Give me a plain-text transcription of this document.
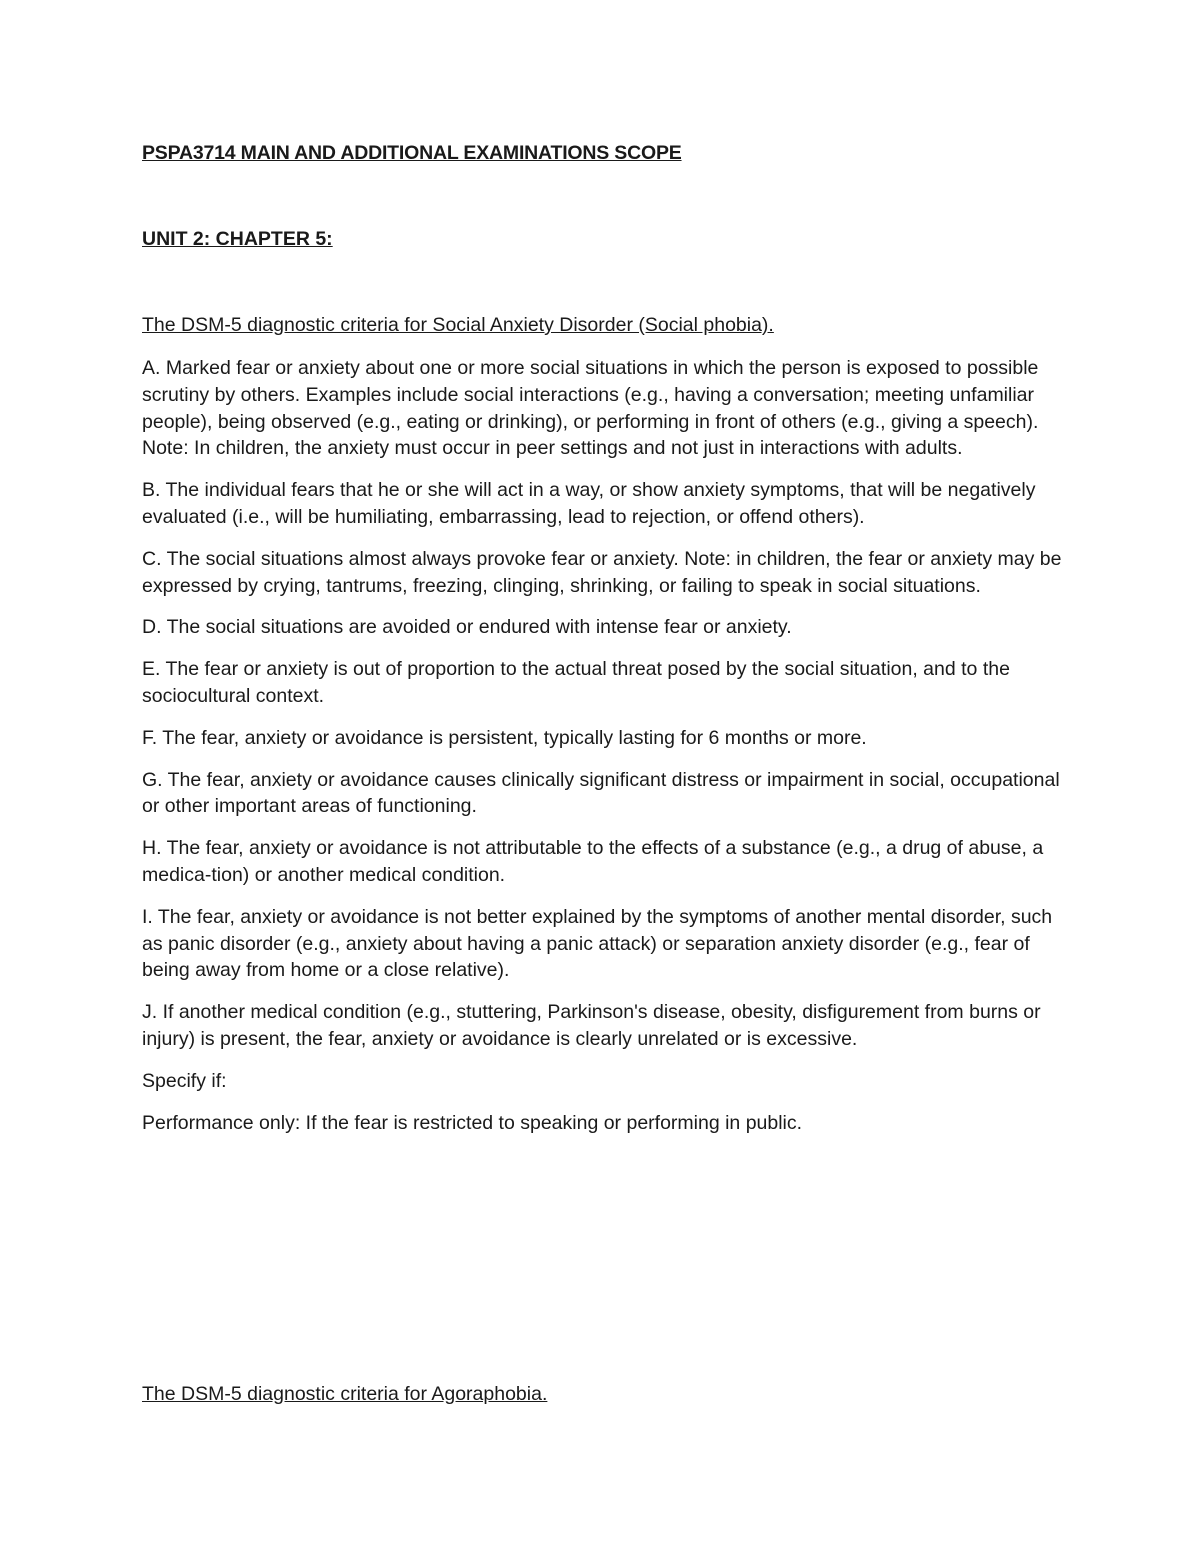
PSPA3714 MAIN AND ADDITIONAL EXAMINATIONS SCOPE
UNIT 2: CHAPTER 5:
The DSM-5 diagnostic criteria for Social Anxiety Disorder (Social phobia).

A. Marked fear or anxiety about one or more social situations in which the person is exposed to possible scrutiny by others. Examples include social interactions (e.g., having a conversation; meeting unfamiliar people), being observed (e.g., eating or drinking), or performing in front of others (e.g., giving a speech). Note: In children, the anxiety must occur in peer settings and not just in interactions with adults.

B. The individual fears that he or she will act in a way, or show anxiety symptoms, that will be negatively evaluated (i.e., will be humiliating, embarrassing, lead to rejection, or offend others).

C. The social situations almost always provoke fear or anxiety. Note: in children, the fear or anxiety may be expressed by crying, tantrums, freezing, clinging, shrinking, or failing to speak in social situations.

D. The social situations are avoided or endured with intense fear or anxiety.

E. The fear or anxiety is out of proportion to the actual threat posed by the social situation, and to the sociocultural context.

F. The fear, anxiety or avoidance is persistent, typically lasting for 6 months or more.

G. The fear, anxiety or avoidance causes clinically significant distress or impairment in social, occupational or other important areas of functioning.

H. The fear, anxiety or avoidance is not attributable to the effects of a substance (e.g., a drug of abuse, a medica-tion) or another medical condition.

I. The fear, anxiety or avoidance is not better explained by the symptoms of another mental disorder, such as panic disorder (e.g., anxiety about having a panic attack) or separation anxiety disorder (e.g., fear of being away from home or a close relative).

J. If another medical condition (e.g., stuttering, Parkinson's disease, obesity, disfigurement from burns or injury) is present, the fear, anxiety or avoidance is clearly unrelated or is excessive.

Specify if:

Performance only: If the fear is restricted to speaking or performing in public.

The DSM-5 diagnostic criteria for Agoraphobia.
